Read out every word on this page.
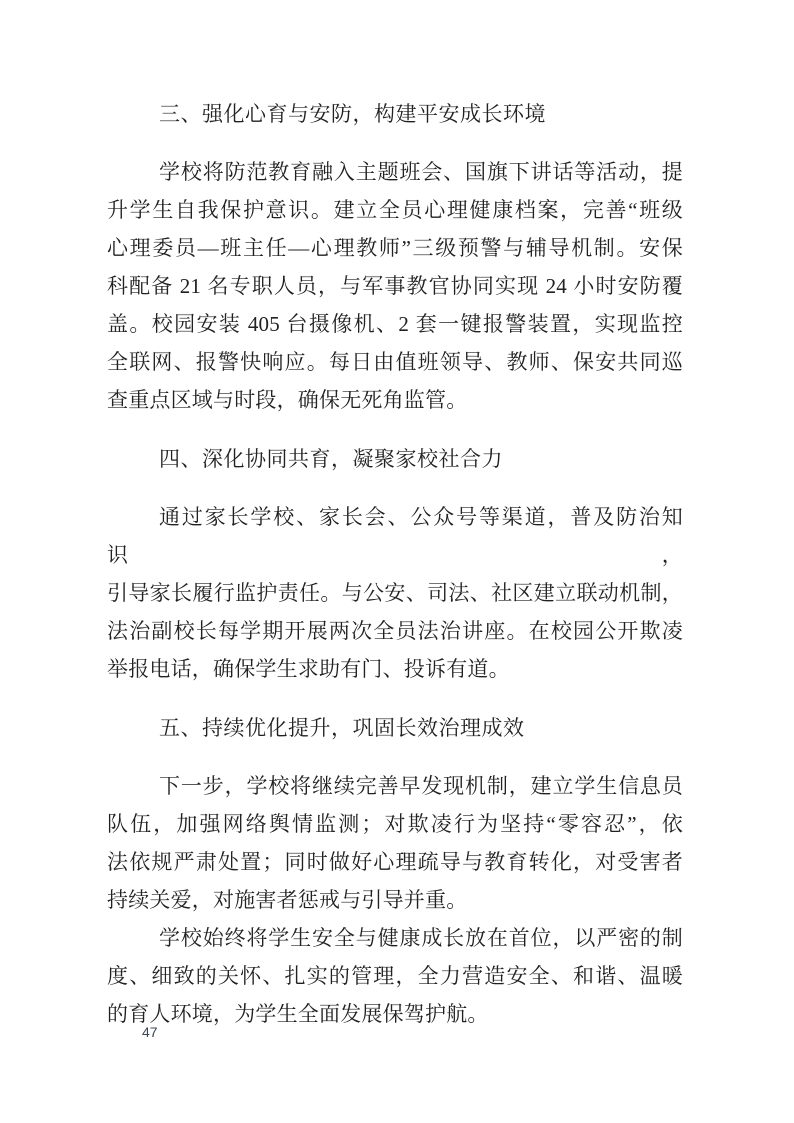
三、强化心育与安防，构建平安成长环境
学校将防范教育融入主题班会、国旗下讲话等活动，提
升学生自我保护意识。建立全员心理健康档案，完善“班级
心理委员—班主任—心理教师”三级预警与辅导机制。安保
科配备 21 名专职人员，与军事教官协同实现 24 小时安防覆
盖。校园安装 405 台摄像机、2 套一键报警装置，实现监控
全联网、报警快响应。每日由值班领导、教师、保安共同巡
查重点区域与时段，确保无死角监管。
四、深化协同共育，凝聚家校社合力
通过家长学校、家长会、公众号等渠道，普及防治知识，
引导家长履行监护责任。与公安、司法、社区建立联动机制，
法治副校长每学期开展两次全员法治讲座。在校园公开欺凌
举报电话，确保学生求助有门、投诉有道。
五、持续优化提升，巩固长效治理成效
下一步，学校将继续完善早发现机制，建立学生信息员
队伍，加强网络舆情监测；对欺凌行为坚持“零容忍”，依
法依规严肃处置；同时做好心理疏导与教育转化，对受害者
持续关爱，对施害者惩戒与引导并重。
学校始终将学生安全与健康成长放在首位，以严密的制
度、细致的关怀、扎实的管理，全力营造安全、和谐、温暖
的育人环境，为学生全面发展保驾护航。
47
